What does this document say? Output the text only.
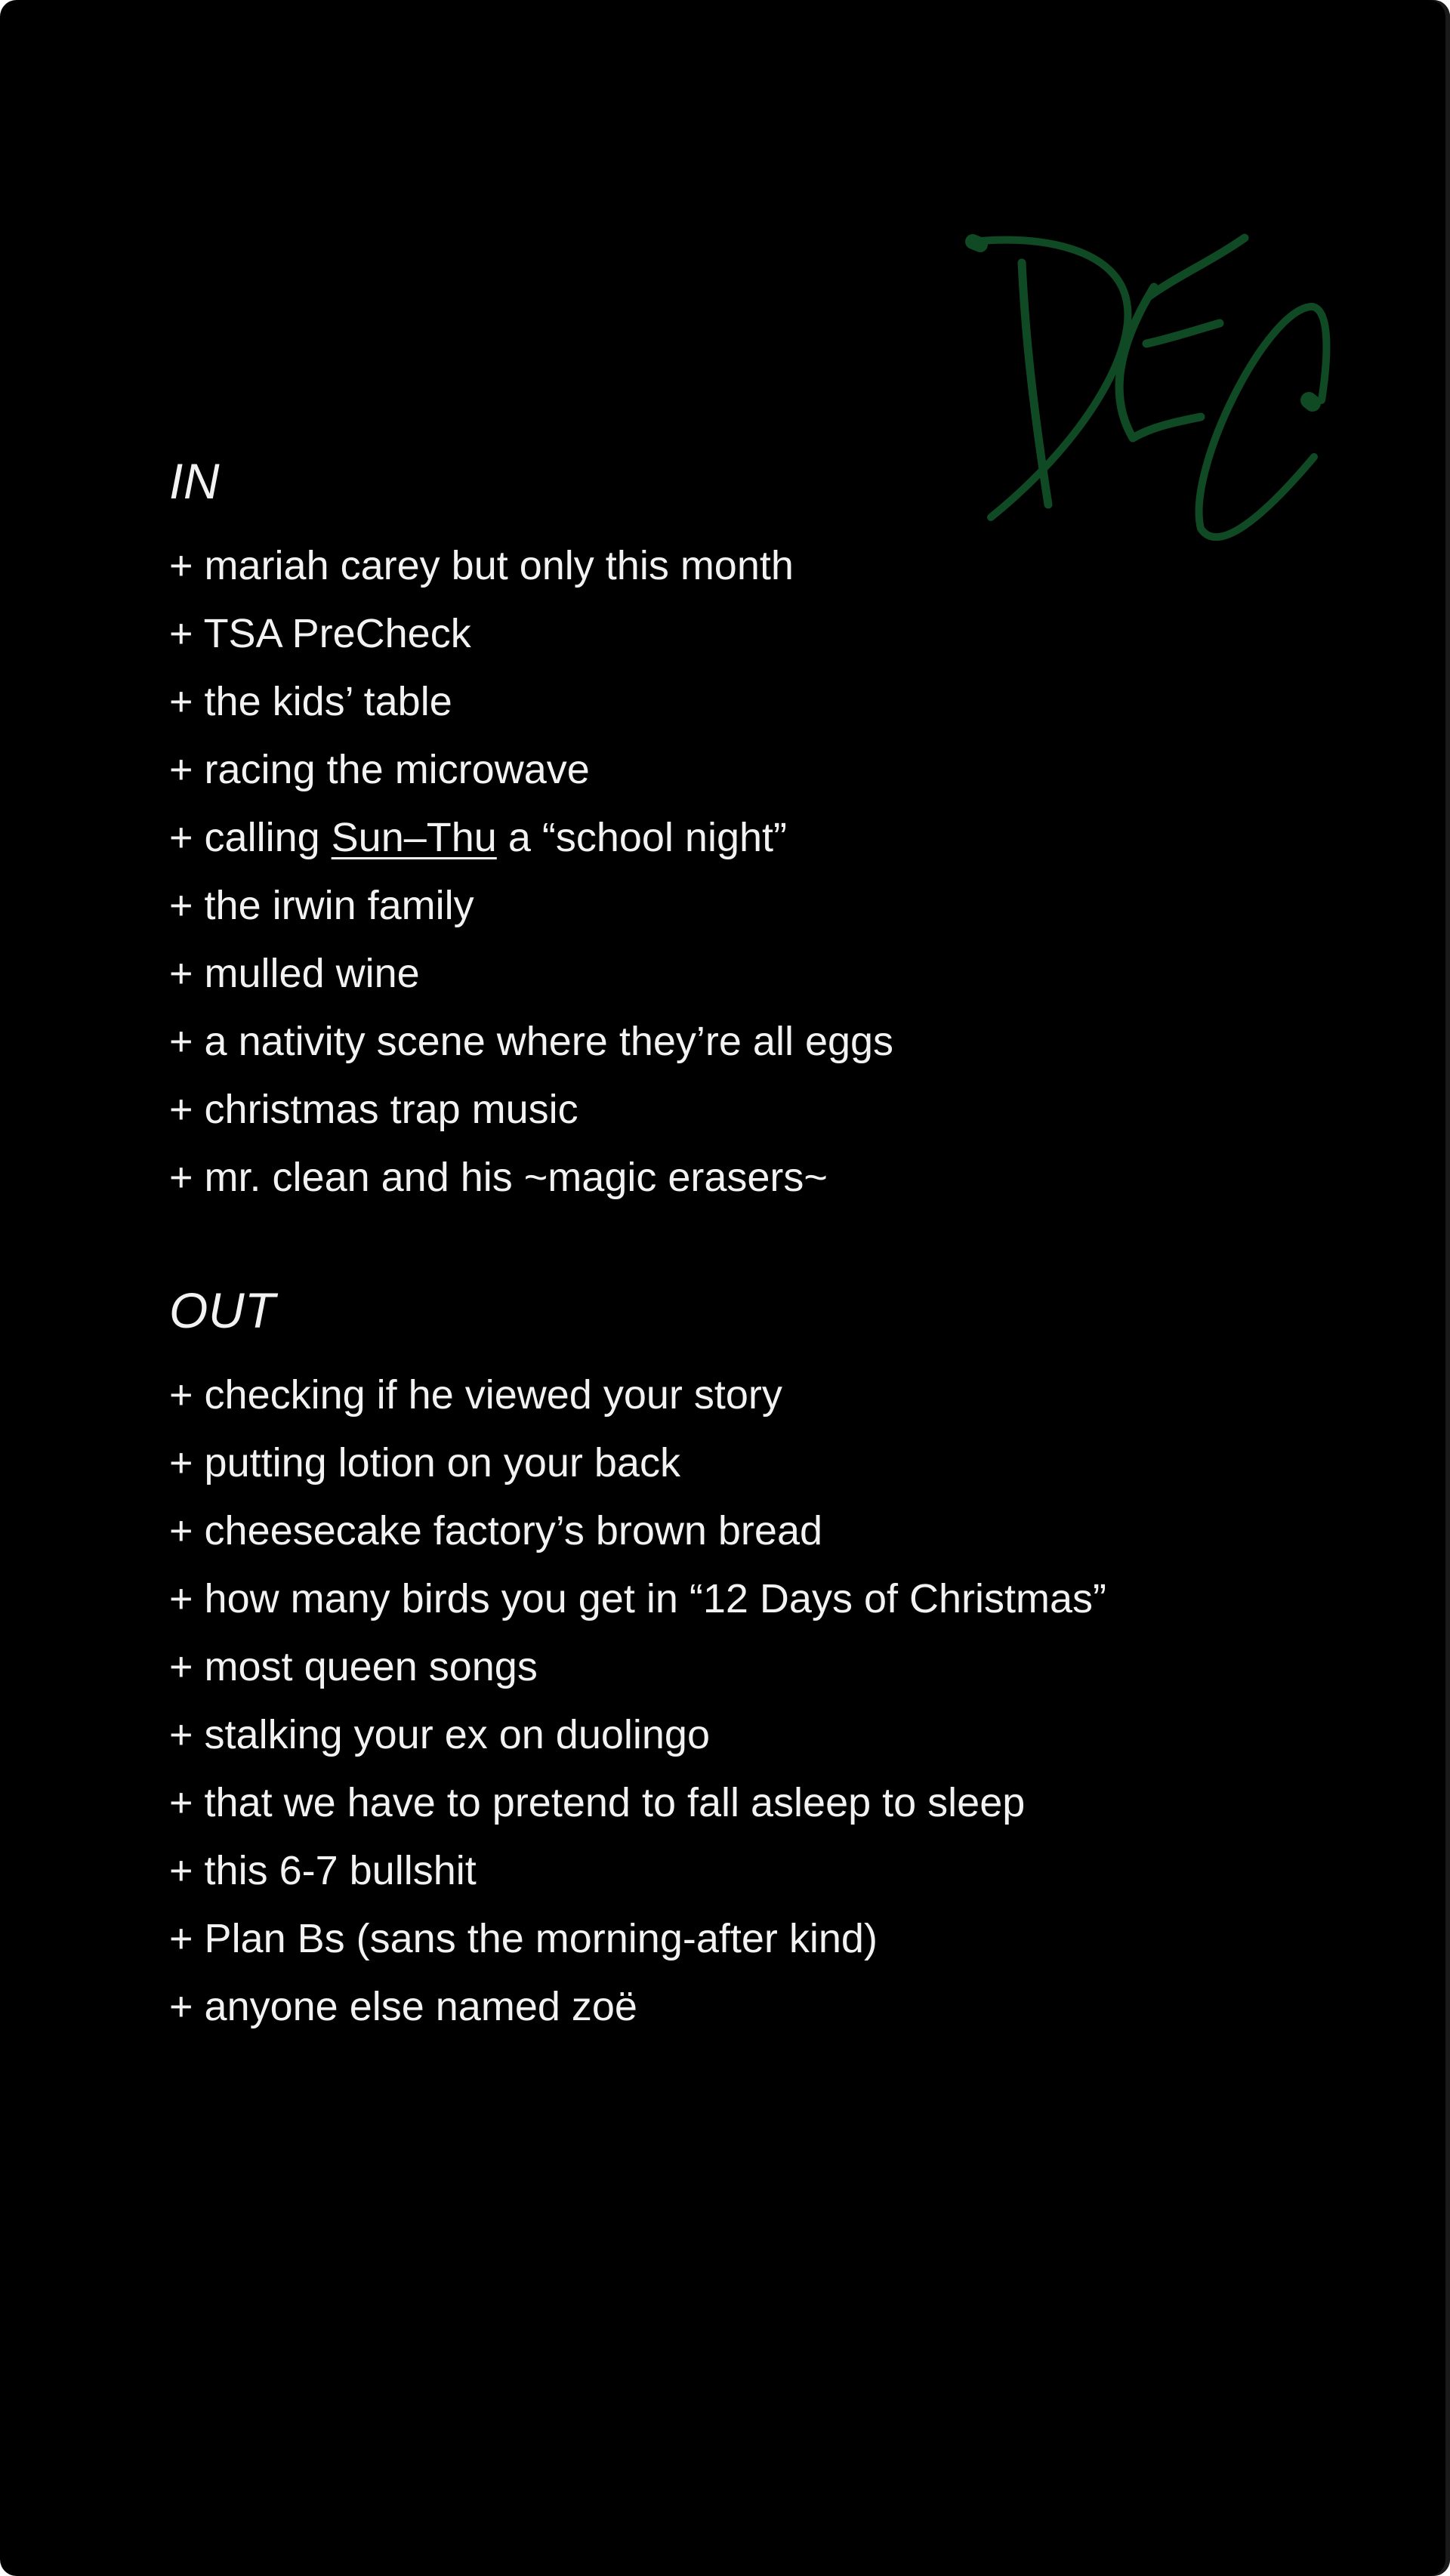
IN
+ mariah carey but only this month
+ TSA PreCheck
+ the kids’ table
+ racing the microwave
+ calling Sun–Thu a “school night”
+ the irwin family
+ mulled wine
+ a nativity scene where they’re all eggs
+ christmas trap music
+ mr. clean and his ~magic erasers~
OUT
+ checking if he viewed your story
+ putting lotion on your back
+ cheesecake factory’s brown bread
+ how many birds you get in “12 Days of Christmas”
+ most queen songs
+ stalking your ex on duolingo
+ that we have to pretend to fall asleep to sleep
+ this 6-7 bullshit
+ Plan Bs (sans the morning-after kind)
+ anyone else named zoë
